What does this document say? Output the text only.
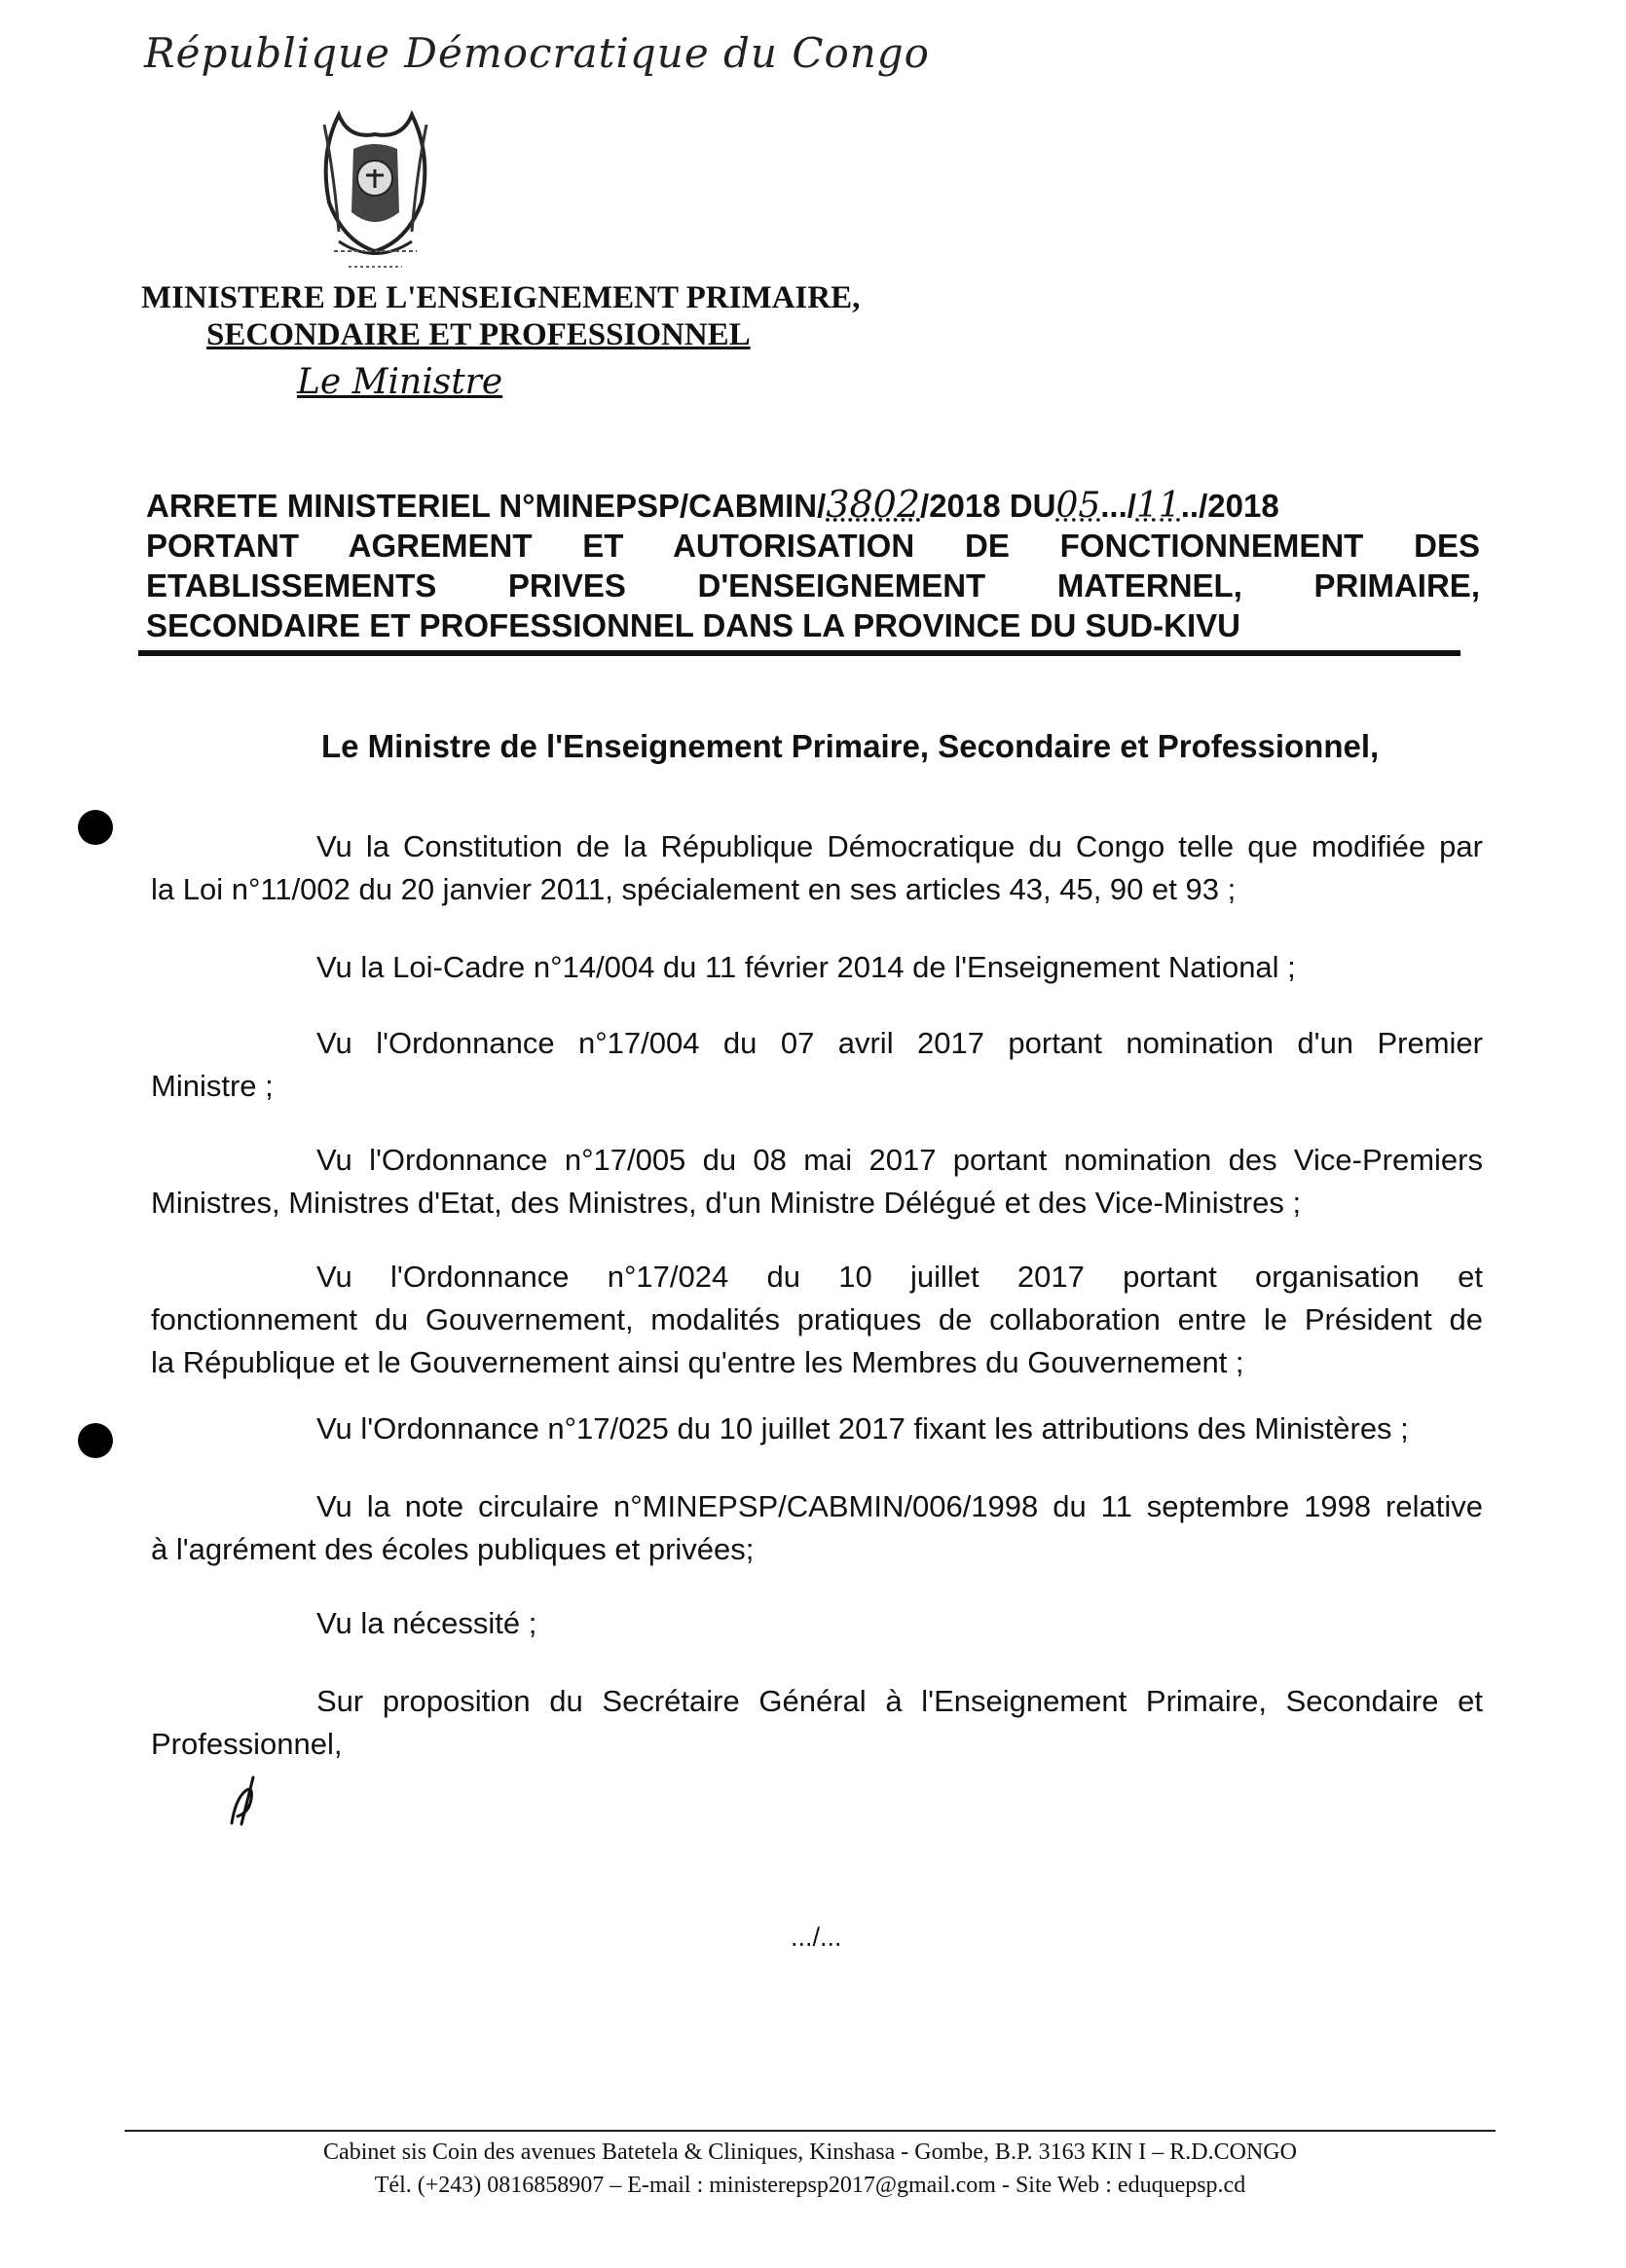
République Démocratique du Congo
MINISTERE DE L'ENSEIGNEMENT PRIMAIRE,
SECONDAIRE ET PROFESSIONNEL
Le Ministre
ARRETE MINISTERIEL N°MINEPSP/CABMIN/3802/2018 DU05.../11../2018
PORTANT AGREMENT ET AUTORISATION DE FONCTIONNEMENT DES
ETABLISSEMENTS PRIVES D'ENSEIGNEMENT MATERNEL, PRIMAIRE,
SECONDAIRE ET PROFESSIONNEL DANS LA PROVINCE DU SUD-KIVU
Le Ministre de l'Enseignement Primaire, Secondaire et Professionnel,
Vu la Constitution de la République Démocratique du Congo telle que modifiée par
la Loi n°11/002 du 20 janvier 2011, spécialement en ses articles 43, 45, 90 et 93 ;
Vu la Loi-Cadre n°14/004 du 11 février 2014 de l'Enseignement National ;
Vu l'Ordonnance n°17/004 du 07 avril 2017 portant nomination d'un Premier
Ministre ;
Vu l'Ordonnance n°17/005 du 08 mai 2017 portant nomination des Vice-Premiers
Ministres, Ministres d'Etat, des Ministres, d'un Ministre Délégué et des Vice-Ministres ;
Vu l'Ordonnance n°17/024 du 10 juillet 2017 portant organisation et
fonctionnement du Gouvernement, modalités pratiques de collaboration entre le Président de
la République et le Gouvernement ainsi qu'entre les Membres du Gouvernement ;
Vu l'Ordonnance n°17/025 du 10 juillet 2017 fixant les attributions des Ministères ;
Vu la note circulaire n°MINEPSP/CABMIN/006/1998 du 11 septembre 1998 relative
à l'agrément des écoles publiques et privées;
Vu la nécessité ;
Sur proposition du Secrétaire Général à l'Enseignement Primaire, Secondaire et
Professionnel,
.../...
Cabinet sis Coin des avenues Batetela & Cliniques, Kinshasa - Gombe, B.P. 3163 KIN I – R.D.CONGO
Tél. (+243) 0816858907 – E-mail : ministerepsp2017@gmail.com - Site Web : eduquepsp.cd
